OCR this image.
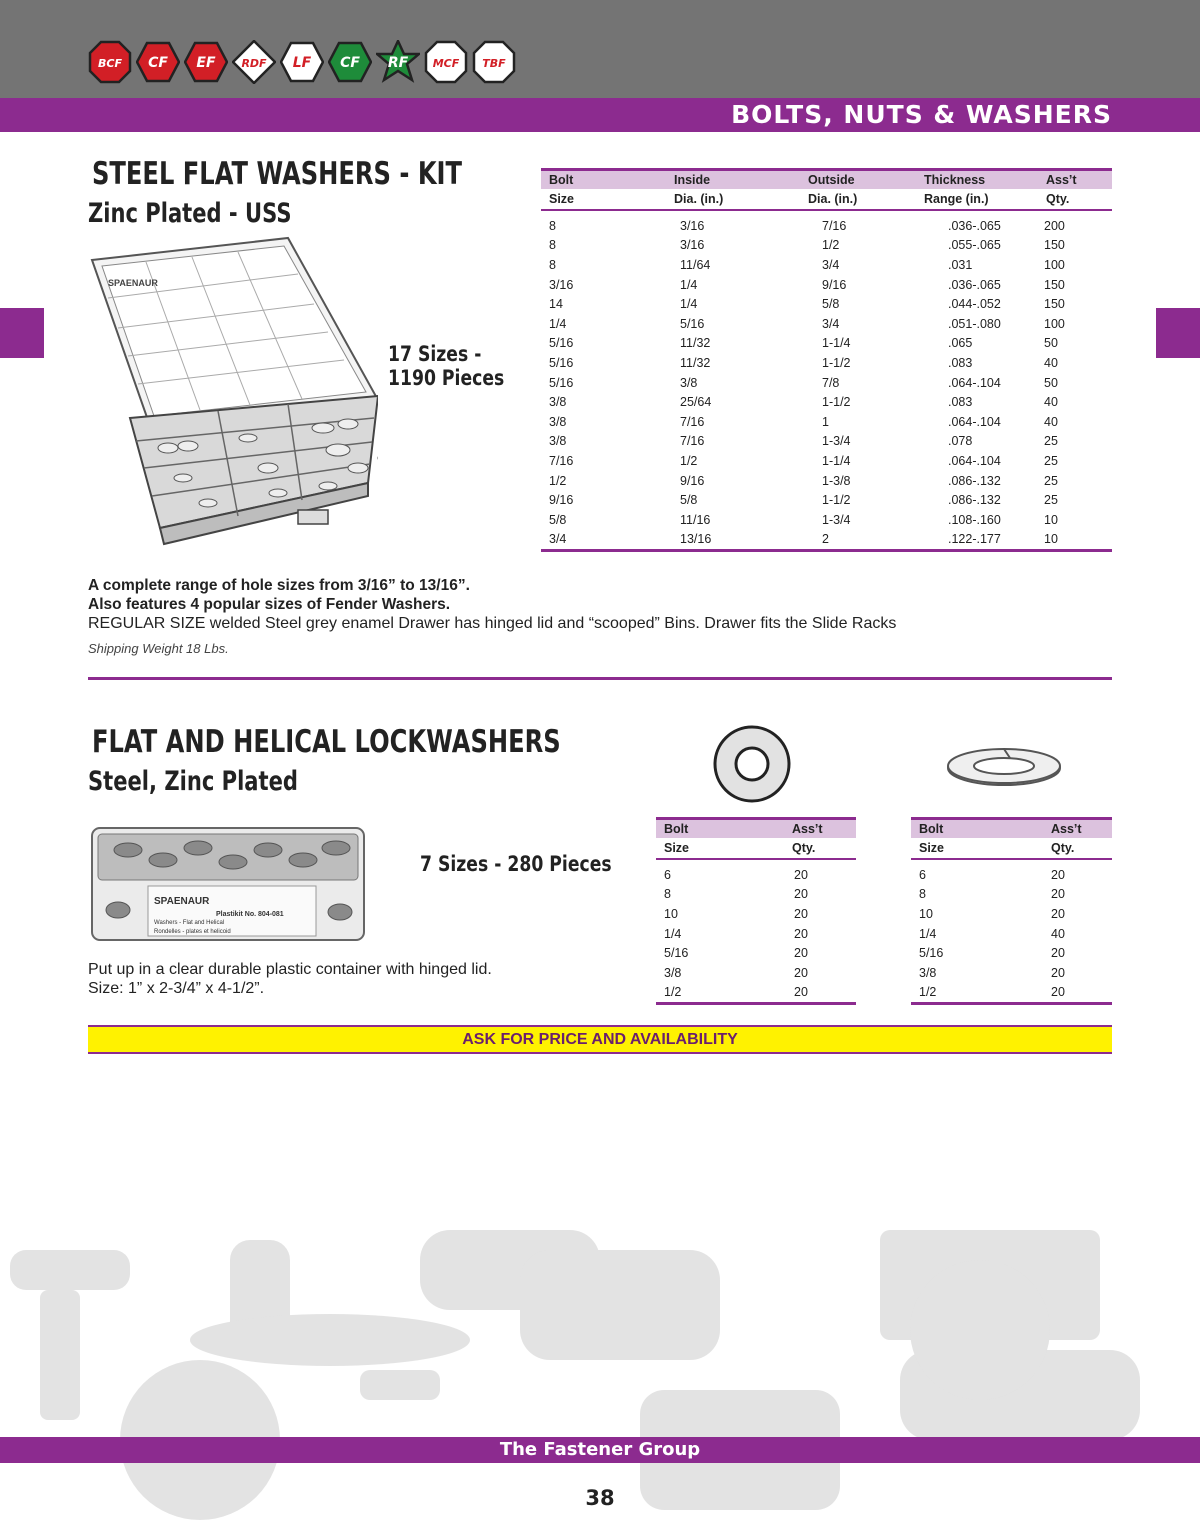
BCF CF EF RDF LF CF RF MCF TBF
BOLTS, NUTS & WASHERS
STEEL FLAT WASHERS - KIT
Zinc Plated - USS
SPAENAUR
17 Sizes -
1190 Pieces
Bolt	Inside	Outside	Thickness	Ass’t
Size	Dia. (in.)	Dia. (in.)	Range (in.)	Qty.
8	3/16	7/16	.036-.065	200
8	3/16	1/2	.055-.065	150
8	11/64	3/4	.031	100
3/16	1/4	9/16	.036-.065	150
14	1/4	5/8	.044-.052	150
1/4	5/16	3/4	.051-.080	100
5/16	11/32	1-1/4	.065	50
5/16	11/32	1-1/2	.083	40
5/16	3/8	7/8	.064-.104	50
3/8	25/64	1-1/2	.083	40
3/8	7/16	1	.064-.104	40
3/8	7/16	1-3/4	.078	25
7/16	1/2	1-1/4	.064-.104	25
1/2	9/16	1-3/8	.086-.132	25
9/16	5/8	1-1/2	.086-.132	25
5/8	11/16	1-3/4	.108-.160	10
3/4	13/16	2	.122-.177	10
A complete range of hole sizes from 3/16” to 13/16”.
Also features 4 popular sizes of Fender Washers.
REGULAR SIZE welded Steel grey enamel Drawer has hinged lid and “scooped” Bins. Drawer fits the Slide Racks
Shipping Weight 18 Lbs.
FLAT AND HELICAL LOCKWASHERS
Steel, Zinc Plated
SPAENAUR
Plastikit No. 804-081
Washers - Flat and Helical
Rondelles - plates et helicoid
7 Sizes - 280 Pieces
Put up in a clear durable plastic container with hinged lid.
Size: 1” x 2-3/4” x 4-1/2”.
Bolt	Ass’t
Size	Qty.
6	20
8	20
10	20
1/4	20
5/16	20
3/8	20
1/2	20
Bolt	Ass’t
Size	Qty.
6	20
8	20
10	20
1/4	40
5/16	20
3/8	20
1/2	20
ASK FOR PRICE AND AVAILABILITY
The Fastener Group
38
